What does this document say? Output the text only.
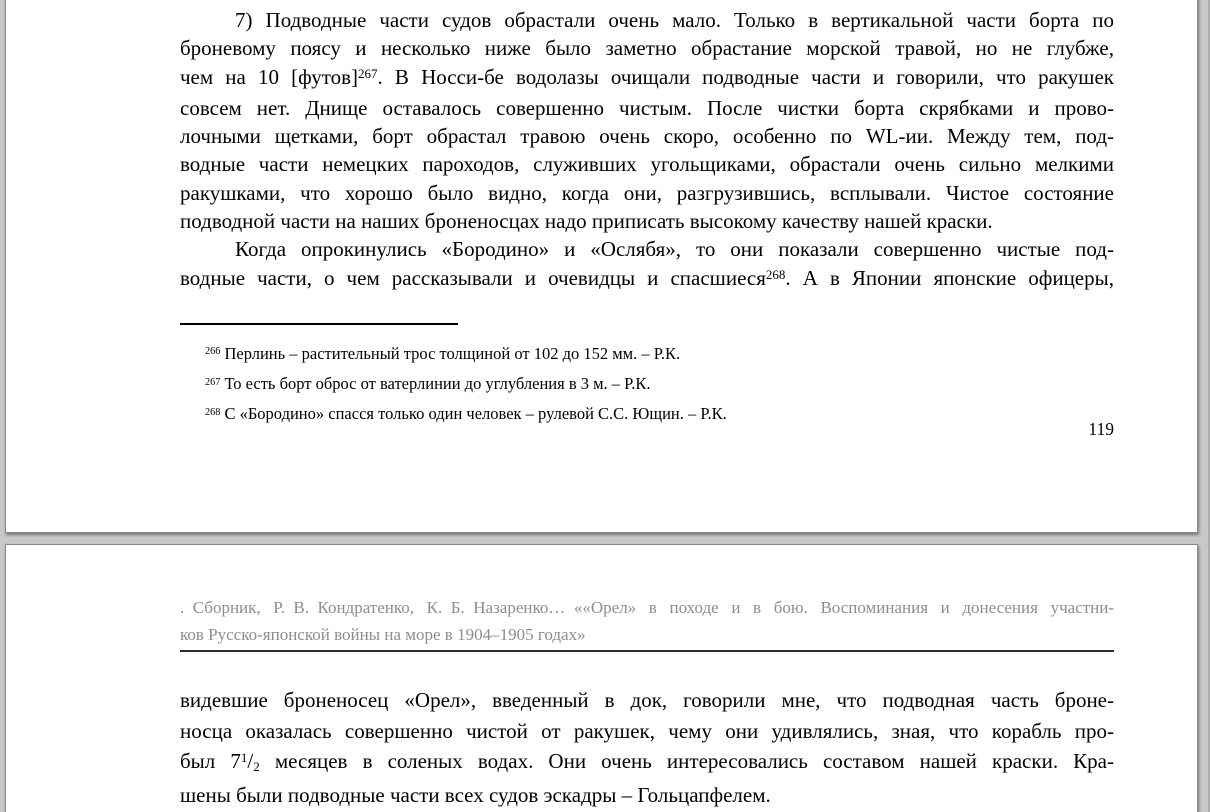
7) Подводные части судов обрастали очень мало. Только в вертикальной части борта по
броневому поясу и несколько ниже было заметно обрастание морской травой, но не глубже,
чем на 10 [футов]$^{267}$. В Носси-бе водолазы очищали подводные части и говорили, что ракушек
совсем нет. Днище оставалось совершенно чистым. После чистки борта скрябками и прово-
лочными щетками, борт обрастал травою очень скоро, особенно по WL-ии. Между тем, под-
водные части немецких пароходов, служивших угольщиками, обрастали очень сильно мелкими
ракушками, что хорошо было видно, когда они, разгрузившись, всплывали. Чистое состояние
подводной части на наших броненосцах надо приписать высокому качеству нашей краски.
Когда опрокинулись «Бородино» и «Ослябя», то они показали совершенно чистые под-
водные части, о чем рассказывали и очевидцы и спасшиеся$^{268}$. А в Японии японские офицеры,
$^{266}$ Перлинь – растительный трос толщиной от 102 до 152 мм. – Р.К.
$^{267}$ То есть борт оброс от ватерлинии до углубления в 3 м. – Р.К.
$^{268}$ С «Бородино» спасся только один человек – рулевой С.С. Ющин. – Р.К.
119
. Сборник, Р. В. Кондратенко, К. Б. Назаренко… ««Орел» в походе и в бою. Воспоминания и донесения участни-
ков Русско-японской войны на море в 1904–1905 годах»
видевшие броненосец «Орел», введенный в док, говорили мне, что подводная часть броне-
носца оказалась совершенно чистой от ракушек, чему они удивлялись, зная, что корабль про-
был $7^1/2$ месяцев в соленых водах. Они очень интересовались составом нашей краски. Кра-
шены были подводные части всех судов эскадры – Гольцапфелем.
